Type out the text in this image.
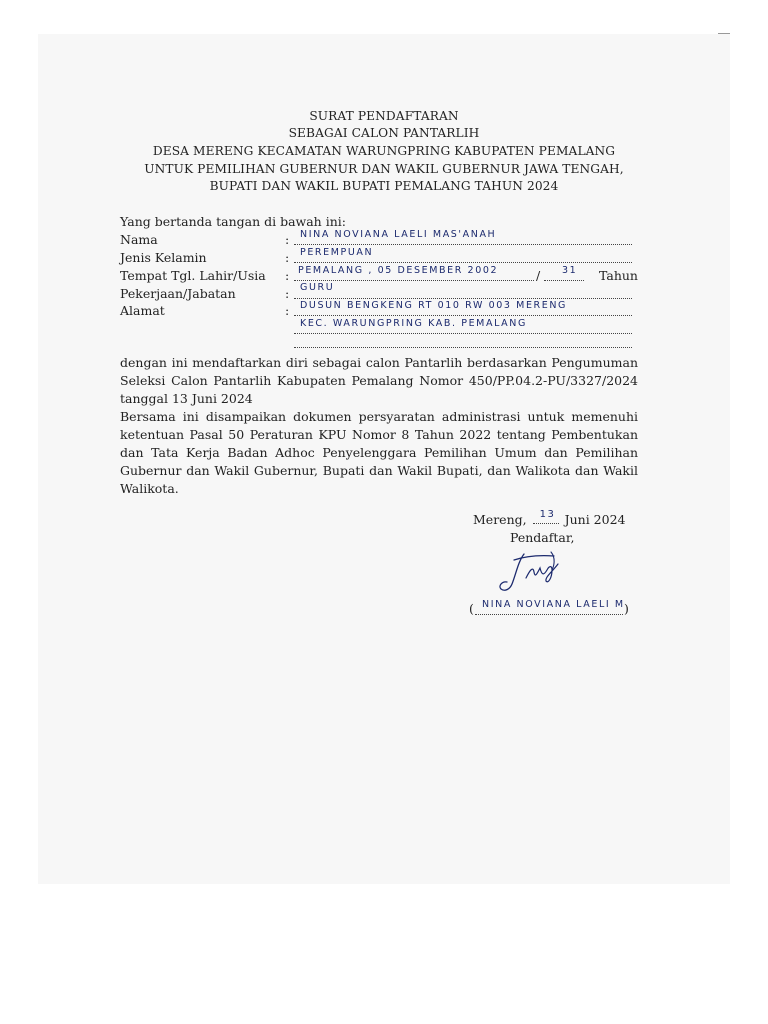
SURAT PENDAFTARAN
SEBAGAI CALON PANTARLIH
DESA MERENG KECAMATAN WARUNGPRING KABUPATEN PEMALANG
UNTUK PEMILIHAN GUBERNUR DAN WAKIL GUBERNUR JAWA TENGAH,
BUPATI DAN WAKIL BUPATI PEMALANG TAHUN 2024
Yang bertanda tangan di bawah ini:
Nama	: NINA NOVIANA LAELI MAS'ANAH
Jenis Kelamin	: PEREMPUAN
Tempat Tgl. Lahir/Usia : PEMALANG , 05 DESEMBER 2002	/ 31 Tahun
Pekerjaan/Jabatan	: GURU
Alamat	: DUSUN BENGKENG RT 010 RW 003 MERENG
KEC. WARUNGPRING KAB. PEMALANG
dengan ini mendaftarkan diri sebagai calon Pantarlih berdasarkan Pengumuman Seleksi Calon Pantarlih Kabupaten Pemalang Nomor 450/PP.04.2-PU/3327/2024 tanggal 13 Juni 2024
Bersama ini disampaikan dokumen persyaratan administrasi untuk memenuhi ketentuan Pasal 50 Peraturan KPU Nomor 8 Tahun 2022 tentang Pembentukan dan Tata Kerja Badan Adhoc Penyelenggara Pemilihan Umum dan Pemilihan Gubernur dan Wakil Gubernur, Bupati dan Wakil Bupati, dan Walikota dan Wakil Walikota.
Mereng, 13 Juni 2024
Pendaftar,
( NINA NOVIANA LAELI M )
